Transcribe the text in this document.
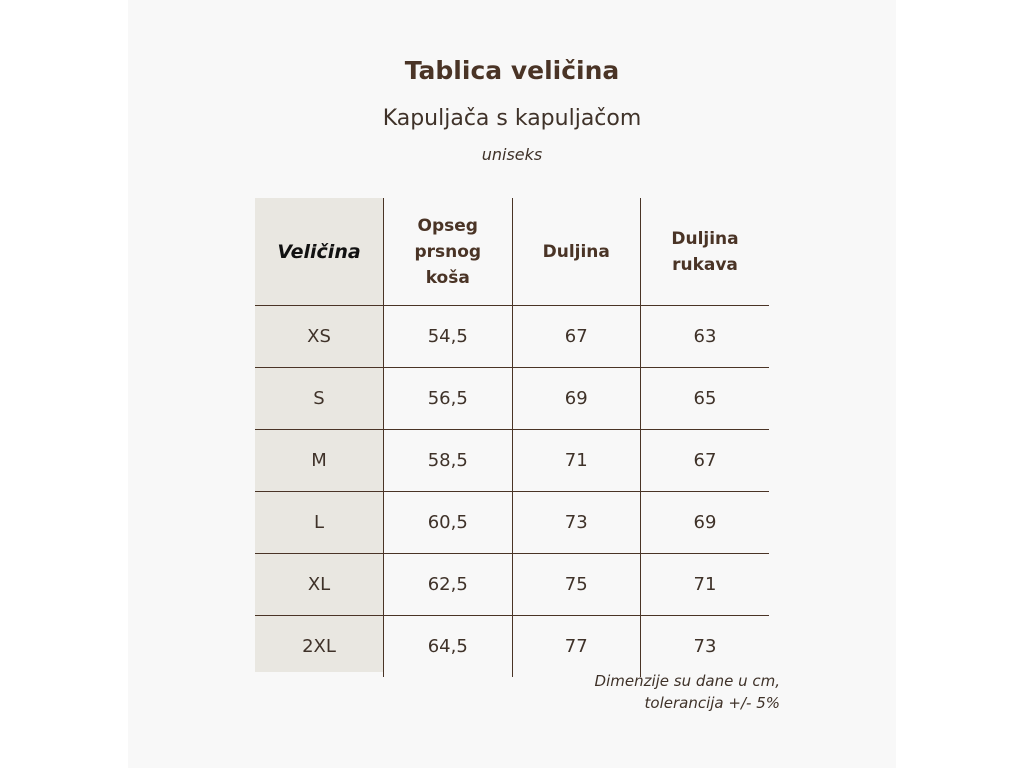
Tablica veličina
Kapuljača s kapuljačom
uniseks
Veličina	Opseg prsnog koša	Duljina	Duljina rukava

XS	54,5	67	63
S	56,5	69	65
M	58,5	71	67
L	60,5	73	69
XL	62,5	75	71
2XL	64,5	77	73
Dimenzije su dane u cm,
tolerancija +/- 5%
